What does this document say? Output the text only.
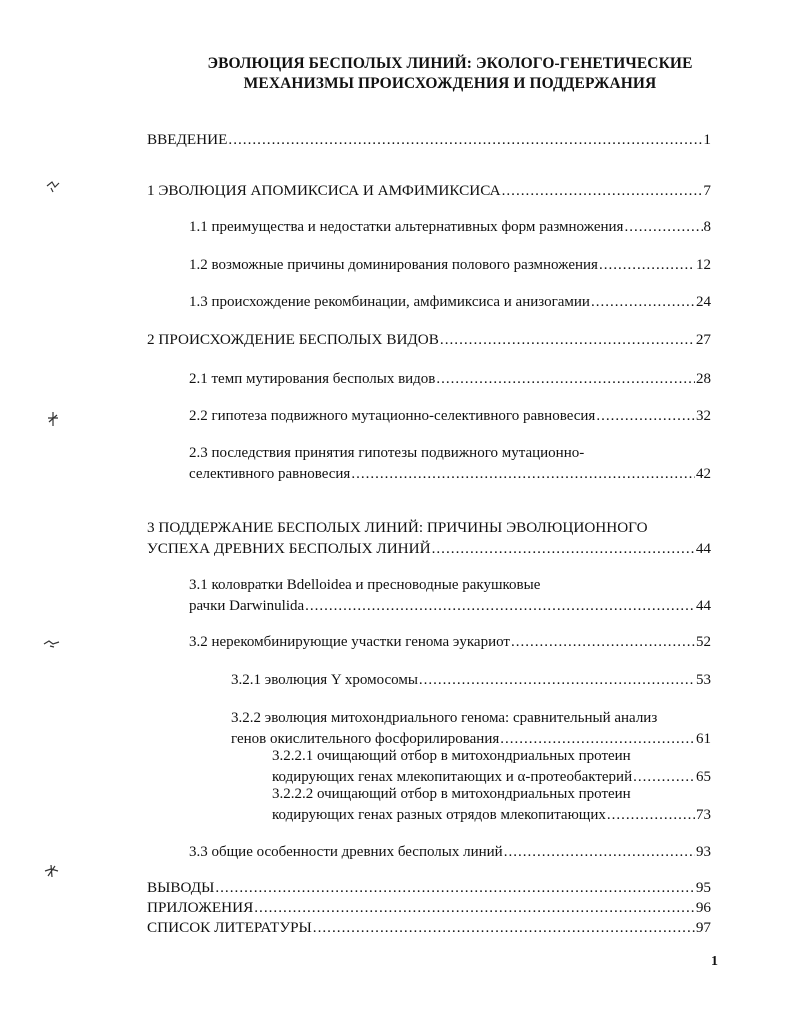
ЭВОЛЮЦИЯ БЕСПОЛЫХ ЛИНИЙ: ЭКОЛОГО-ГЕНЕТИЧЕСКИЕ
МЕХАНИЗМЫ ПРОИСХОЖДЕНИЯ И ПОДДЕРЖАНИЯ
ВВЕДЕНИЕ .....	1
1 ЭВОЛЮЦИЯ АПОМИКСИСА И АМФИМИКСИСА .....	7
1.1 преимущества и недостатки альтернативных форм размножения .....	8
1.2 возможные причины доминирования полового размножения .....	12
1.3 происхождение рекомбинации, амфимиксиса и анизогамии .....	24
2 ПРОИСХОЖДЕНИЕ БЕСПОЛЫХ ВИДОВ .....	27
2.1 темп мутирования бесполых видов .....	28
2.2 гипотеза подвижного мутационно-селективного равновесия .....	32
2.3 последствия принятия гипотезы подвижного мутационно-
селективного равновесия .....	42
3 ПОДДЕРЖАНИЕ БЕСПОЛЫХ ЛИНИЙ: ПРИЧИНЫ ЭВОЛЮЦИОННОГО
УСПЕХА ДРЕВНИХ БЕСПОЛЫХ ЛИНИЙ .....	44
3.1 коловратки Bdelloidea и пресноводные ракушковые
рачки Darwinulida .....	44
3.2 нерекомбинирующие участки генома эукариот .....	52
3.2.1 эволюция Y хромосомы .....	53
3.2.2 эволюция митохондриального генома: сравнительный анализ
генов окислительного фосфорилирования .....	61
3.2.2.1 очищающий отбор в митохондриальных протеин
кодирующих генах млекопитающих и α-протеобактерий .....	65
3.2.2.2 очищающий отбор в митохондриальных протеин
кодирующих генах разных отрядов млекопитающих .....	73
3.3 общие особенности древних бесполых линий .....	93
ВЫВОДЫ .....	95
ПРИЛОЖЕНИЯ .....	96
СПИСОК ЛИТЕРАТУРЫ .....	97
1
